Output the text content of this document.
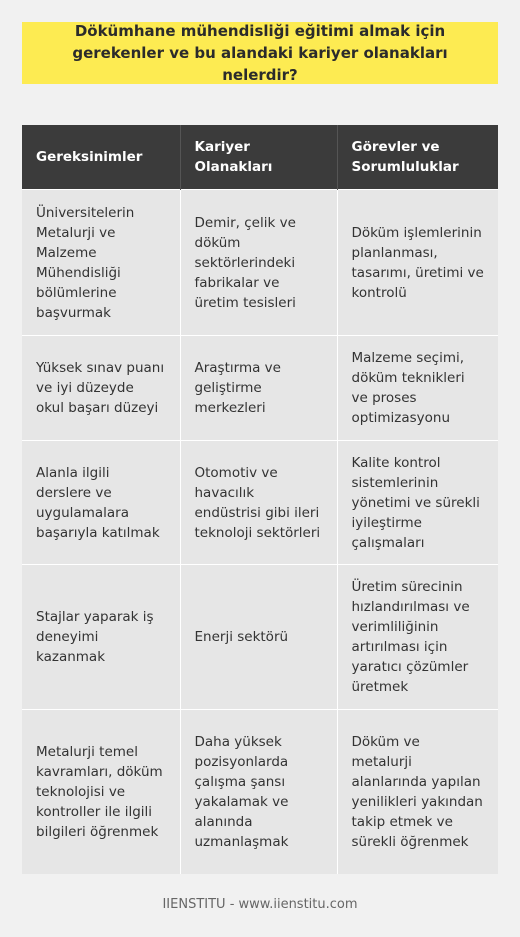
Dökümhane mühendisliği eğitimi almak için gerekenler ve bu alandaki kariyer olanakları nelerdir?
Gereksinimler	Kariyer Olanakları	Görevler ve Sorumluluklar
Üniversitelerin Metalurji ve Malzeme Mühendisliği bölümlerine başvurmak	Demir, çelik ve döküm sektörlerindeki fabrikalar ve üretim tesisleri	Döküm işlemlerinin planlanması, tasarımı, üretimi ve kontrolü
Yüksek sınav puanı ve iyi düzeyde okul başarı düzeyi	Araştırma ve geliştirme merkezleri	Malzeme seçimi, döküm teknikleri ve proses optimizasyonu
Alanla ilgili derslere ve uygulamalara başarıyla katılmak	Otomotiv ve havacılık endüstrisi gibi ileri teknoloji sektörleri	Kalite kontrol sistemlerinin yönetimi ve sürekli iyileştirme çalışmaları
Stajlar yaparak iş deneyimi kazanmak	Enerji sektörü	Üretim sürecinin hızlandırılması ve verimliliğinin artırılması için yaratıcı çözümler üretmek
Metalurji temel kavramları, döküm teknolojisi ve kontroller ile ilgili bilgileri öğrenmek	Daha yüksek pozisyonlarda çalışma şansı yakalamak ve alanında uzmanlaşmak	Döküm ve metalurji alanlarında yapılan yenilikleri yakından takip etmek ve sürekli öğrenmek
IIENSTITU - www.iienstitu.com
